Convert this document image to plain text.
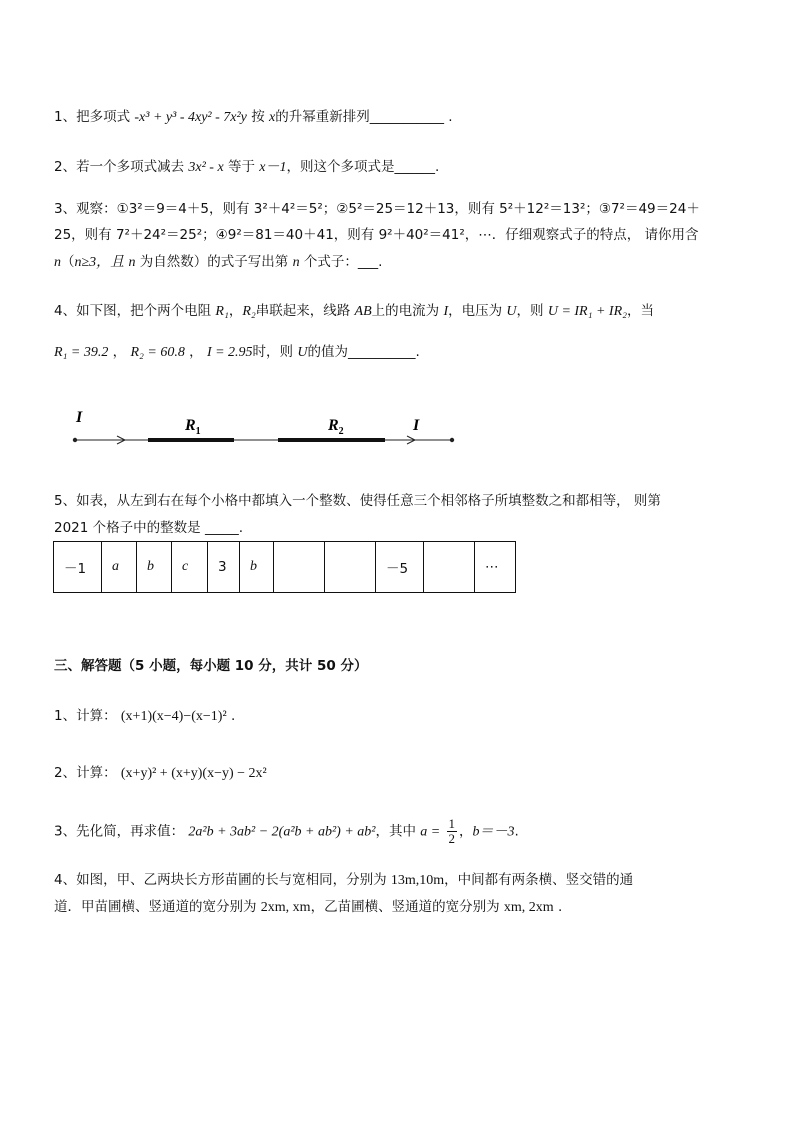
1、把多项式 -x³ + y³ - 4xy² - 7x²y 按 x的升幂重新排列___________ .
2、若一个多项式减去 3x² - x 等于 x－1，则这个多项式是______.
3、观察：①3²＝9＝4＋5，则有 3²＋4²＝5²；②5²＝25＝12＋13，则有 5²＋12²＝13²；③7²＝49＝24＋
25，则有 7²＋24²＝25²；④9²＝81＝40＋41，则有 9²＋40²＝41²，⋯．仔细观察式子的特点， 请你用含
n（n≥3，且 n 为自然数）的式子写出第 n 个式子：___.
4、如下图，把个两个电阻 R₁，R₂串联起来，线路 AB上的电流为 I，电压为 U，则 U = IR₁ + IR₂，当
R₁ = 39.2 ， R₂ = 60.8 ， I = 2.95时，则 U的值为__________.
I	$R_1$	$R_2$	I
5、如表，从左到右在每个小格中都填入一个整数、使得任意三个相邻格子所填整数之和都相等， 则第
2021 个格子中的整数是 _____.
－1	a	b	c	3	b			－5		⋯
三、解答题（5 小题，每小题 10 分，共计 50 分）
1、计算： (x+1)(x−4)−(x−1)² .
2、计算： (x+y)² + (x+y)(x−y) − 2x²
3、先化简，再求值： 2a²b + 3ab² − 2(a²b + ab²) + ab²，其中 $a = \frac{1}{2}$ ，b＝－3.
4、如图，甲、乙两块长方形苗圃的长与宽相同，分别为 13m,10m，中间都有两条横、竖交错的通
道．甲苗圃横、竖通道的宽分别为 2xm, xm，乙苗圃横、竖通道的宽分别为 xm, 2xm .
